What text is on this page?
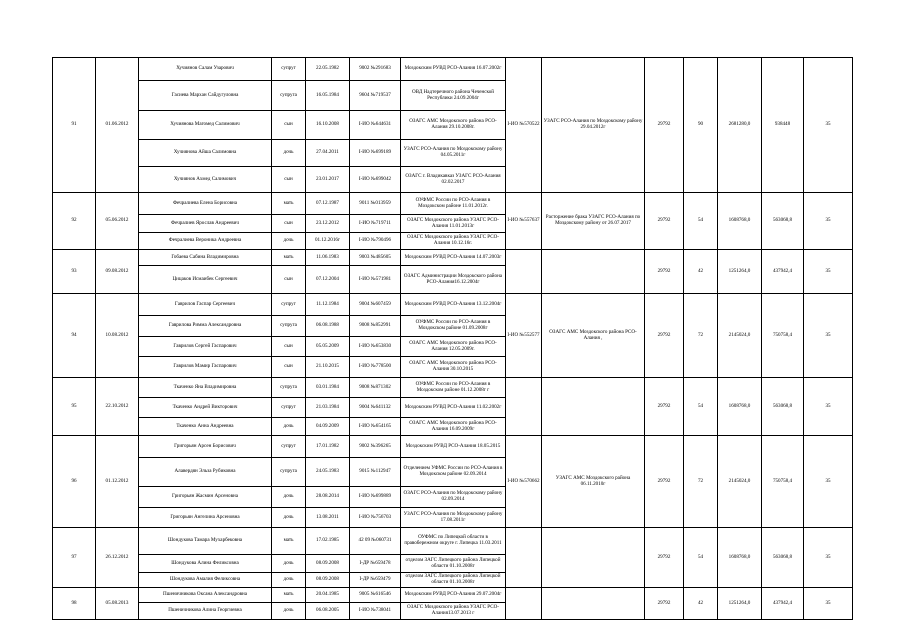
91	01.06.2012	Хучиянов Салам Узарович	супруг	22.05.1982	9002 №291683	Моздокским РУВД РСО-Алания 16.07.2002г	I-ИО №570522	УЗАГС РСО-Алания по Моздокскому району 29.04.2012г	29792	90	2681280,0	938448	35
		Гасиева Мархан Сайдугуловна	супруга	16.05.1984	9604 №719537	ОВД Надтеречного района Чеченской Республики 24.09.2004г							
		Хучиянова Магомед Салимович	сын	16.10.2008	I-ИО №644631	ОЗАГС АМС Моздокского района РСО-Алания 29.10.2008г.							
		Хучиянова Айша Салимовна	дочь	27.04.2011	I-ИО №699189	УЗАГС РСО-Алания по Моздокскому району 04.05.2011г							
		Хучиянов Ахмед Салимович	сын	23.01.2017	I-ИО №699042	ОЗАГС г. Владикавказ УЗАГС РСО-Алания 02.02.2017							
92	05.06.2012	Фечралиева Елена Борисовна	мать	07.12.1987	9011 №013959	ОУФМС России по РСО-Алания в Моздокском районе 11.01.2012г.	I-ИО №557637	Расторжение брака УЗАГС РСО-Алания по Моздокскому району от 26.07.2017	29792	54	1608768,0	563068,8	35
		Фечралиев Ярослав Андреевич	сын	23.12.2012	I-ИО №719711	ОЗАГС Моздокского района УЗАГС РСО-Алания 11.01.2013г							
		Фечралиева Вероника Андреевна	дочь	01.12.2016г	I-ИО №790496	ОЗАГС Моздокского района УЗАГС РСО-Алания 10.12.16г.							
93	09.08.2012	Гобаева Сабина Владимировна	мать	11.06.1983	9003 №485605	Моздокским РУВД РСО-Алания 14.07.2003г			29792	42	1251264,0	437942,4	35
		Цицаков Исмаибек Сергеевич	сын	07.12.2004	I-ИО №571981	ОЗАГС Администрации Моздокского района РСО-Алания16.12.2004г							
94	10.08.2012	Гаврилов Гаспар Сергеевич	супруг	11.12.1984	9004 №607459	Моздокским РУВД РСО-Алания 13.12.2004г	I-ИО №552577	ОЗАГС АМС Моздокского района РСО-Алания ,	29792	72	2145024,0	750758,4	35
		Гаврилова Римма Александровна	супруга	06.08.1988	9008 №852991	ОУФМС России по РСО-Алания в Моздокском районе 01.09.2008г							
		Гаврилов Сергей Гаспарович	сын	05.05.2009	I-ИО №653830	ОЗАГС АМС Моздокского района РСО-Алания 12.05.2009г.							
		Гаврилов Мамир Гаспарович	сын	21.10.2015	I-ИО №778500	ОЗАГС АМС Моздокского района РСО-Алания 30.10.2015							
95	22.10.2012	Ткаченко Яна Владимировна	супруга	03.01.1984	9008 №871302	ОУФМС России по РСО-Алания в Моздокском районе 01.12.2008г г			29792	54	1608768,0	563068,8	35
		Ткаченко Андрей Викторович	супруг	21.03.1984	9004 №641132	Моздокским РУВД РСО-Алания 11.02.2002г							
		Ткаченко Анна Андреевна	дочь	04.09.2009	I-ИО №654165	ОЗАГС АМС Моздокского района РСО-Алания 16.09.2009г							
96	01.12.2012	Григорьян Арсен Борисович	супруг	17.01.1982	9002 №396265	Моздокским РУВД РСО-Алания 18.05.2015	I-ИО №570662	УЗАГС АМС Моздокского района 06.11.2010г	29792	72	2145024,0	750758,4	35
		Алавердян Эльза Рубиковна	супруга	24.05.1983	9015 №112947	Отделением УФМС России по РСО-Алания в Моздокском районе 02.09.2014							
		Григорьян Жасмин Арсеновна	дочь	28.08.2014	I-ИО №699889	ОЗАГС РСО-Алания по Моздокскому району 02.09.2014							
		Григорьян Ангелина Арсеновна	дочь	13.08.2011	I-ИО №756703	УЗАГС РСО-Алания по Моздокскому району 17.08.2011г							
97	26.12.2012	Шондукова Тамара Мухарбековна	мать	17.02.1985	42 09 №060731	ОУФМС по Липецкой области в правобережном округе г. Липецка 11.03.2011			29792	54	1608768,0	563068,8	35
		Шондукова Алина Феликсовна	дочь	08.09.2008	I-ДР №659478	отделом ЗАГС Липецкого района Липецкой области 01.10.2008г							
		Шондукова Амалия Феликсовна	дочь	08.09.2008	I-ДР №659479	отделом ЗАГС Липецкого района Липецкой области 01.10.2008г							
98	05.08.2013	Пшеничникова Оксана Александровна	мать	20.04.1985	9005 №616546	Моздокским РУВД РСО-Алания 29.07.2004г			29792	42	1251264,0	437942,4	35
		Пшеничникова Алина Георгиевна	дочь	06.08.2005	I-ИО №738041	ОЗАГС Моздокского района УЗАГС РСО-Алания13.07.2013 г							
